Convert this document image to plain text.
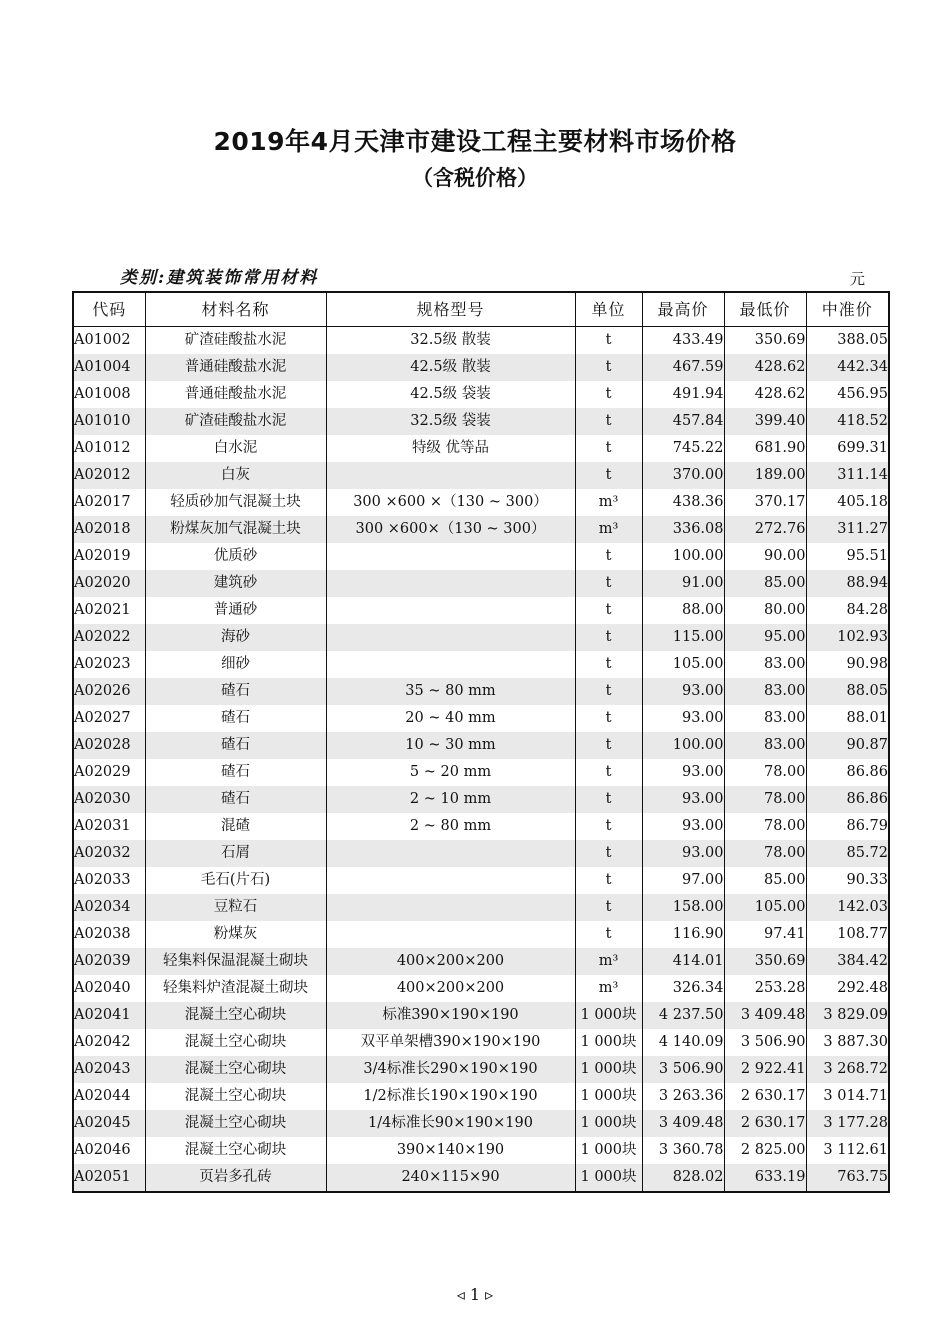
2019年4月天津市建设工程主要材料市场价格
（含税价格）
类别:建筑装饰常用材料	元
代码	材料名称	规格型号	单位	最高价	最低价	中准价
A01002	矿渣硅酸盐水泥	32.5级 散装	t	433.49	350.69	388.05
A01004	普通硅酸盐水泥	42.5级 散装	t	467.59	428.62	442.34
A01008	普通硅酸盐水泥	42.5级 袋装	t	491.94	428.62	456.95
A01010	矿渣硅酸盐水泥	32.5级 袋装	t	457.84	399.40	418.52
A01012	白水泥	特级 优等品	t	745.22	681.90	699.31
A02012	白灰		t	370.00	189.00	311.14
A02017	轻质砂加气混凝土块	300 ×600 ×（130 ~ 300）	m³	438.36	370.17	405.18
A02018	粉煤灰加气混凝土块	300 ×600×（130 ~ 300）	m³	336.08	272.76	311.27
A02019	优质砂		t	100.00	90.00	95.51
A02020	建筑砂		t	91.00	85.00	88.94
A02021	普通砂		t	88.00	80.00	84.28
A02022	海砂		t	115.00	95.00	102.93
A02023	细砂		t	105.00	83.00	90.98
A02026	碴石	35 ~ 80 mm	t	93.00	83.00	88.05
A02027	碴石	20 ~ 40 mm	t	93.00	83.00	88.01
A02028	碴石	10 ~ 30 mm	t	100.00	83.00	90.87
A02029	碴石	5 ~ 20 mm	t	93.00	78.00	86.86
A02030	碴石	2 ~ 10 mm	t	93.00	78.00	86.86
A02031	混碴	2 ~ 80 mm	t	93.00	78.00	86.79
A02032	石屑		t	93.00	78.00	85.72
A02033	毛石(片石)		t	97.00	85.00	90.33
A02034	豆粒石		t	158.00	105.00	142.03
A02038	粉煤灰		t	116.90	97.41	108.77
A02039	轻集料保温混凝土砌块	400×200×200	m³	414.01	350.69	384.42
A02040	轻集料炉渣混凝土砌块	400×200×200	m³	326.34	253.28	292.48
A02041	混凝土空心砌块	标准390×190×190	1 000块	4 237.50	3 409.48	3 829.09
A02042	混凝土空心砌块	双平单架槽390×190×190	1 000块	4 140.09	3 506.90	3 887.30
A02043	混凝土空心砌块	3/4标准长290×190×190	1 000块	3 506.90	2 922.41	3 268.72
A02044	混凝土空心砌块	1/2标准长190×190×190	1 000块	3 263.36	2 630.17	3 014.71
A02045	混凝土空心砌块	1/4标准长90×190×190	1 000块	3 409.48	2 630.17	3 177.28
A02046	混凝土空心砌块	390×140×190	1 000块	3 360.78	2 825.00	3 112.61
A02051	页岩多孔砖	240×115×90	1 000块	828.02	633.19	763.75
◃ 1 ▹
